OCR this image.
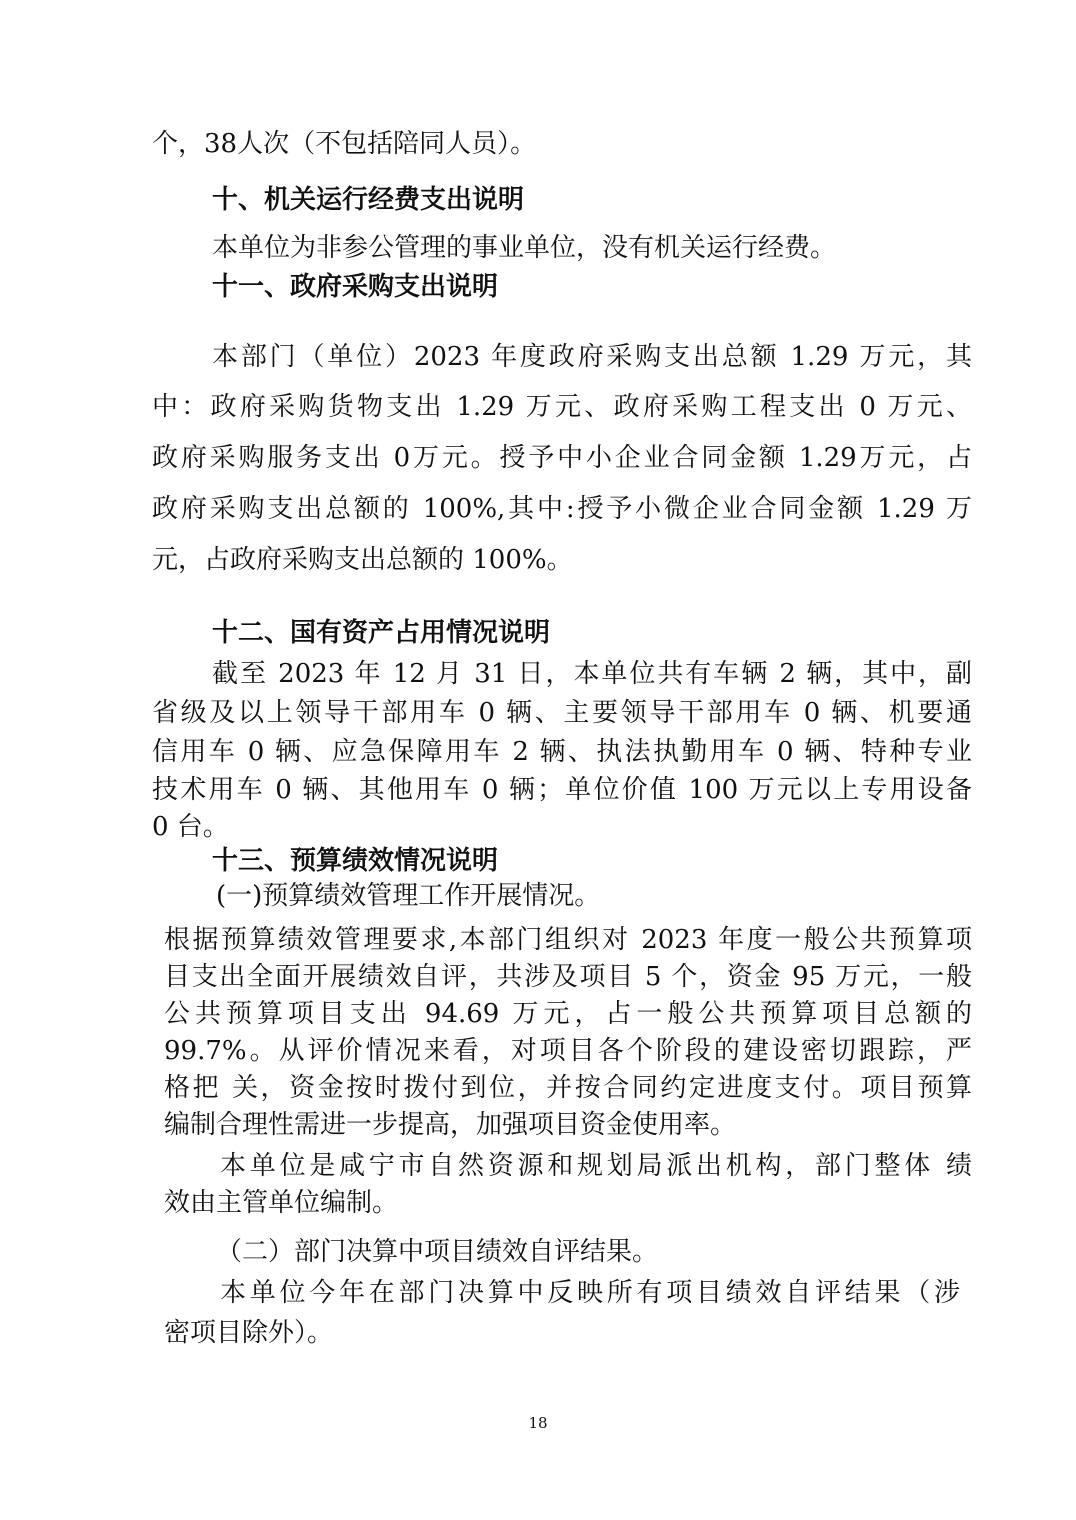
个，38人次（不包括陪同人员）。
十、机关运行经费支出说明
本单位为非参公管理的事业单位，没有机关运行经费。
十一、政府采购支出说明
本部门（单位）2023 年度政府采购支出总额 1.29 万元，其
中：政府采购货物支出 1.29 万元、政府采购工程支出 0 万元、
政府采购服务支出 0万元。授予中小企业合同金额 1.29万元，占
政府采购支出总额的 100%,其中:授予小微企业合同金额 1.29 万
元，占政府采购支出总额的 100%。
十二、国有资产占用情况说明
截至 2023 年 12 月 31 日，本单位共有车辆 2 辆，其中，副
省级及以上领导干部用车 0 辆、主要领导干部用车 0 辆、机要通
信用车 0 辆、应急保障用车 2 辆、执法执勤用车 0 辆、特种专业
技术用车 0 辆、其他用车 0 辆；单位价值 100 万元以上专用设备
0 台。
十三、预算绩效情况说明
(一)预算绩效管理工作开展情况。
根据预算绩效管理要求,本部门组织对 2023 年度一般公共预算项
目支出全面开展绩效自评，共涉及项目 5 个，资金 95 万元，一般
公共预算项目支出 94.69 万元，占一般公共预算项目总额的
99.7%。从评价情况来看，对项目各个阶段的建设密切跟踪，严
格把 关，资金按时拨付到位，并按合同约定进度支付。项目预算
编制合理性需进一步提高，加强项目资金使用率。
本单位是咸宁市自然资源和规划局派出机构，部门整体 绩
效由主管单位编制。
（二）部门决算中项目绩效自评结果。
本单位今年在部门决算中反映所有项目绩效自评结果（涉
密项目除外）。
18
